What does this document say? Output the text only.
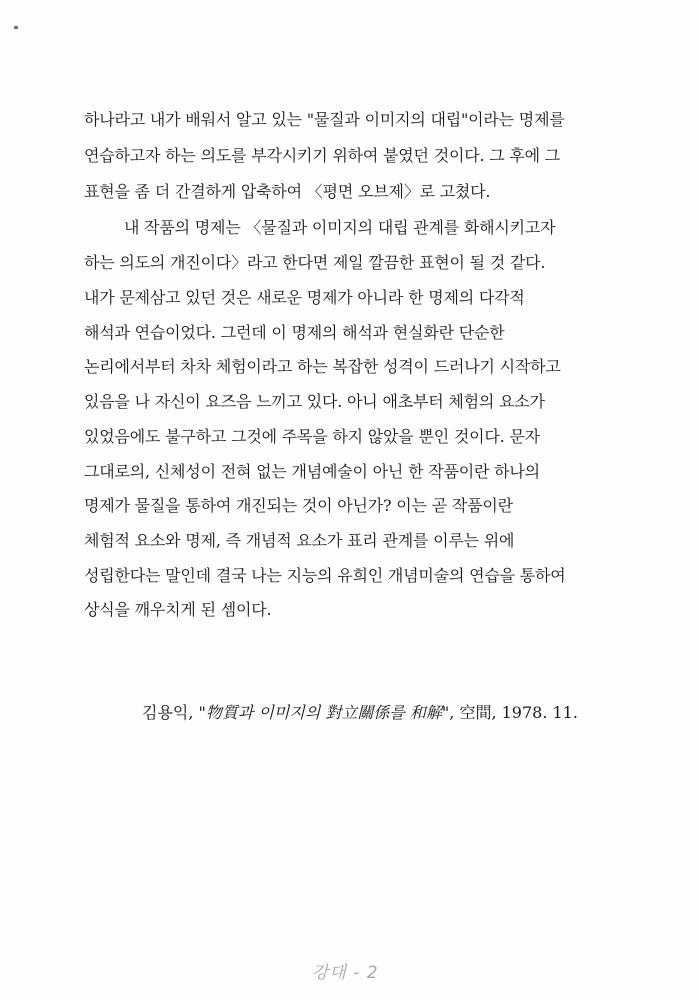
하나라고 내가 배워서 알고 있는 "물질과 이미지의 대립"이라는 명제를
연습하고자 하는 의도를 부각시키기 위하여 붙였던 것이다. 그 후에 그
표현을 좀 더 간결하게 압축하여 〈평면 오브제〉로 고쳤다.
내 작품의 명제는 〈물질과 이미지의 대립 관계를 화해시키고자
하는 의도의 개진이다〉라고 한다면 제일 깔끔한 표현이 될 것 같다.
내가 문제삼고 있던 것은 새로운 명제가 아니라 한 명제의 다각적
해석과 연습이었다. 그런데 이 명제의 해석과 현실화란 단순한
논리에서부터 차차 체험이라고 하는 복잡한 성격이 드러나기 시작하고
있음을 나 자신이 요즈음 느끼고 있다. 아니 애초부터 체험의 요소가
있었음에도 불구하고 그것에 주목을 하지 않았을 뿐인 것이다. 문자
그대로의, 신체성이 전혀 없는 개념예술이 아닌 한 작품이란 하나의
명제가 물질을 통하여 개진되는 것이 아닌가? 이는 곧 작품이란
체험적 요소와 명제, 즉 개념적 요소가 표리 관계를 이루는 위에
성립한다는 말인데 결국 나는 지능의 유희인 개념미술의 연습을 통하여
상식을 깨우치게 된 셈이다.
김용익, "物質과 이미지의 對立關係를 和解", 空間, 1978. 11.
강대 - 2
